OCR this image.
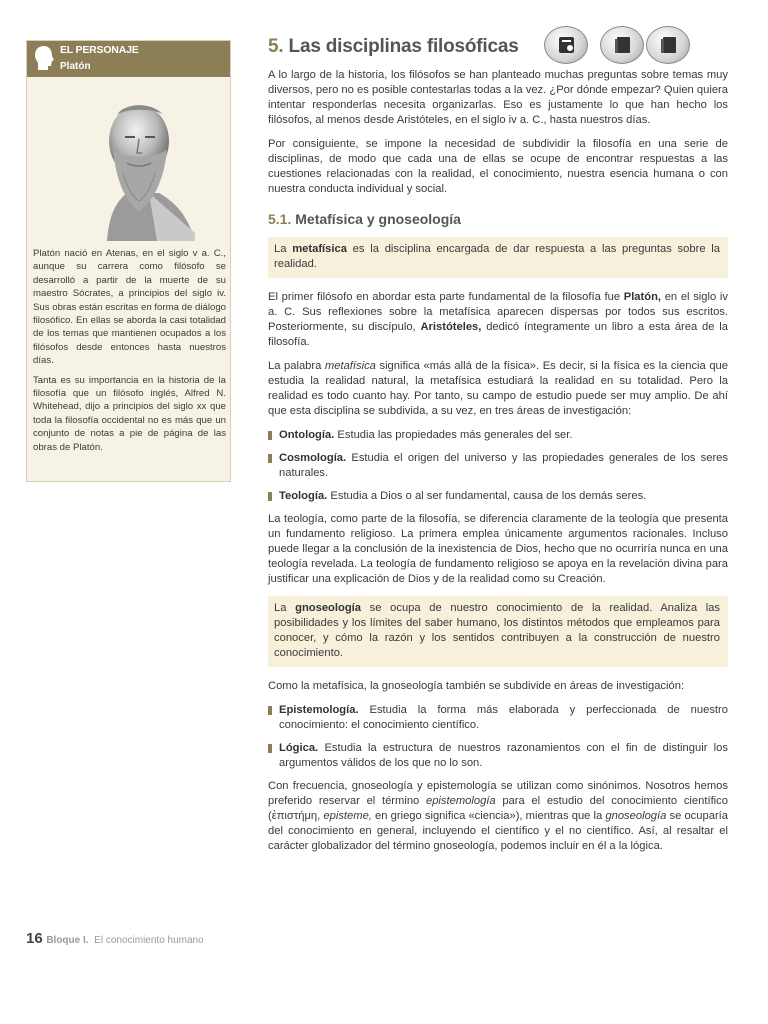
EL PERSONAJE
Platón

Platón nació en Atenas, en el siglo v a. C., aunque su carrera como filósofo se desarrolló a partir de la muerte de su maestro Sócrates, a principios del siglo iv. Sus obras están escritas en forma de diálogo filosófico. En ellas se aborda la casi totalidad de los temas que mantienen ocupados a los filósofos desde entonces hasta nuestros días.

Tanta es su importancia en la historia de la filosofía que un filósofo inglés, Alfred N. Whitehead, dijo a principios del siglo xx que toda la filosofía occidental no es más que un conjunto de notas a pie de página de las obras de Platón.

5. Las disciplinas filosóficas

A lo largo de la historia, los filósofos se han planteado muchas preguntas sobre temas muy diversos, pero no es posible contestarlas todas a la vez. ¿Por dónde empezar? Quien quiera intentar responderlas necesita organizarlas. Eso es justamente lo que han hecho los filósofos, al menos desde Aristóteles, en el siglo iv a. C., hasta nuestros días.

Por consiguiente, se impone la necesidad de subdividir la filosofía en una serie de disciplinas, de modo que cada una de ellas se ocupe de encontrar respuestas a las cuestiones relacionadas con la realidad, el conocimiento, nuestra esencia humana o con nuestra conducta individual y social.

5.1. Metafísica y gnoseología
La metafísica es la disciplina encargada de dar respuesta a las preguntas sobre la realidad.

El primer filósofo en abordar esta parte fundamental de la filosofía fue Platón, en el siglo iv a. C. Sus reflexiones sobre la metafísica aparecen dispersas por todos sus escritos. Posteriormente, su discípulo, Aristóteles, dedicó íntegramente un libro a esta área de la filosofía.

La palabra metafísica significa «más allá de la física». Es decir, si la física es la ciencia que estudia la realidad natural, la metafísica estudiará la realidad en su totalidad. Pero la realidad es todo cuanto hay. Por tanto, su campo de estudio puede ser muy amplio. De ahí que esta disciplina se subdivida, a su vez, en tres áreas de investigación:

Ontología. Estudia las propiedades más generales del ser.
Cosmología. Estudia el origen del universo y las propiedades generales de los seres naturales.
Teología. Estudia a Dios o al ser fundamental, causa de los demás seres.

La teología, como parte de la filosofía, se diferencia claramente de la teología que presenta un fundamento religioso. La primera emplea únicamente argumentos racionales. Incluso puede llegar a la conclusión de la inexistencia de Dios, hecho que no ocurriría nunca en una teología revelada. La teología de fundamento religioso se apoya en la revelación divina para justificar una explicación de Dios y de la realidad como su Creación.

La gnoseología se ocupa de nuestro conocimiento de la realidad. Analiza las posibilidades y los límites del saber humano, los distintos métodos que empleamos para conocer, y cómo la razón y los sentidos contribuyen a la construcción de nuestro conocimiento.

Como la metafísica, la gnoseología también se subdivide en áreas de investigación:

Epistemología. Estudia la forma más elaborada y perfeccionada de nuestro conocimiento: el conocimiento científico.
Lógica. Estudia la estructura de nuestros razonamientos con el fin de distinguir los argumentos válidos de los que no lo son.

Con frecuencia, gnoseología y epistemología se utilizan como sinónimos. Nosotros hemos preferido reservar el término epistemología para el estudio del conocimiento científico (ἐπιστήμη, episteme, en griego significa «ciencia»), mientras que la gnoseología se ocuparía del conocimiento en general, incluyendo el científico y el no científico. Así, al resaltar el carácter globalizador del término gnoseología, podemos incluir en él a la lógica.

16 Bloque I. El conocimiento humano
